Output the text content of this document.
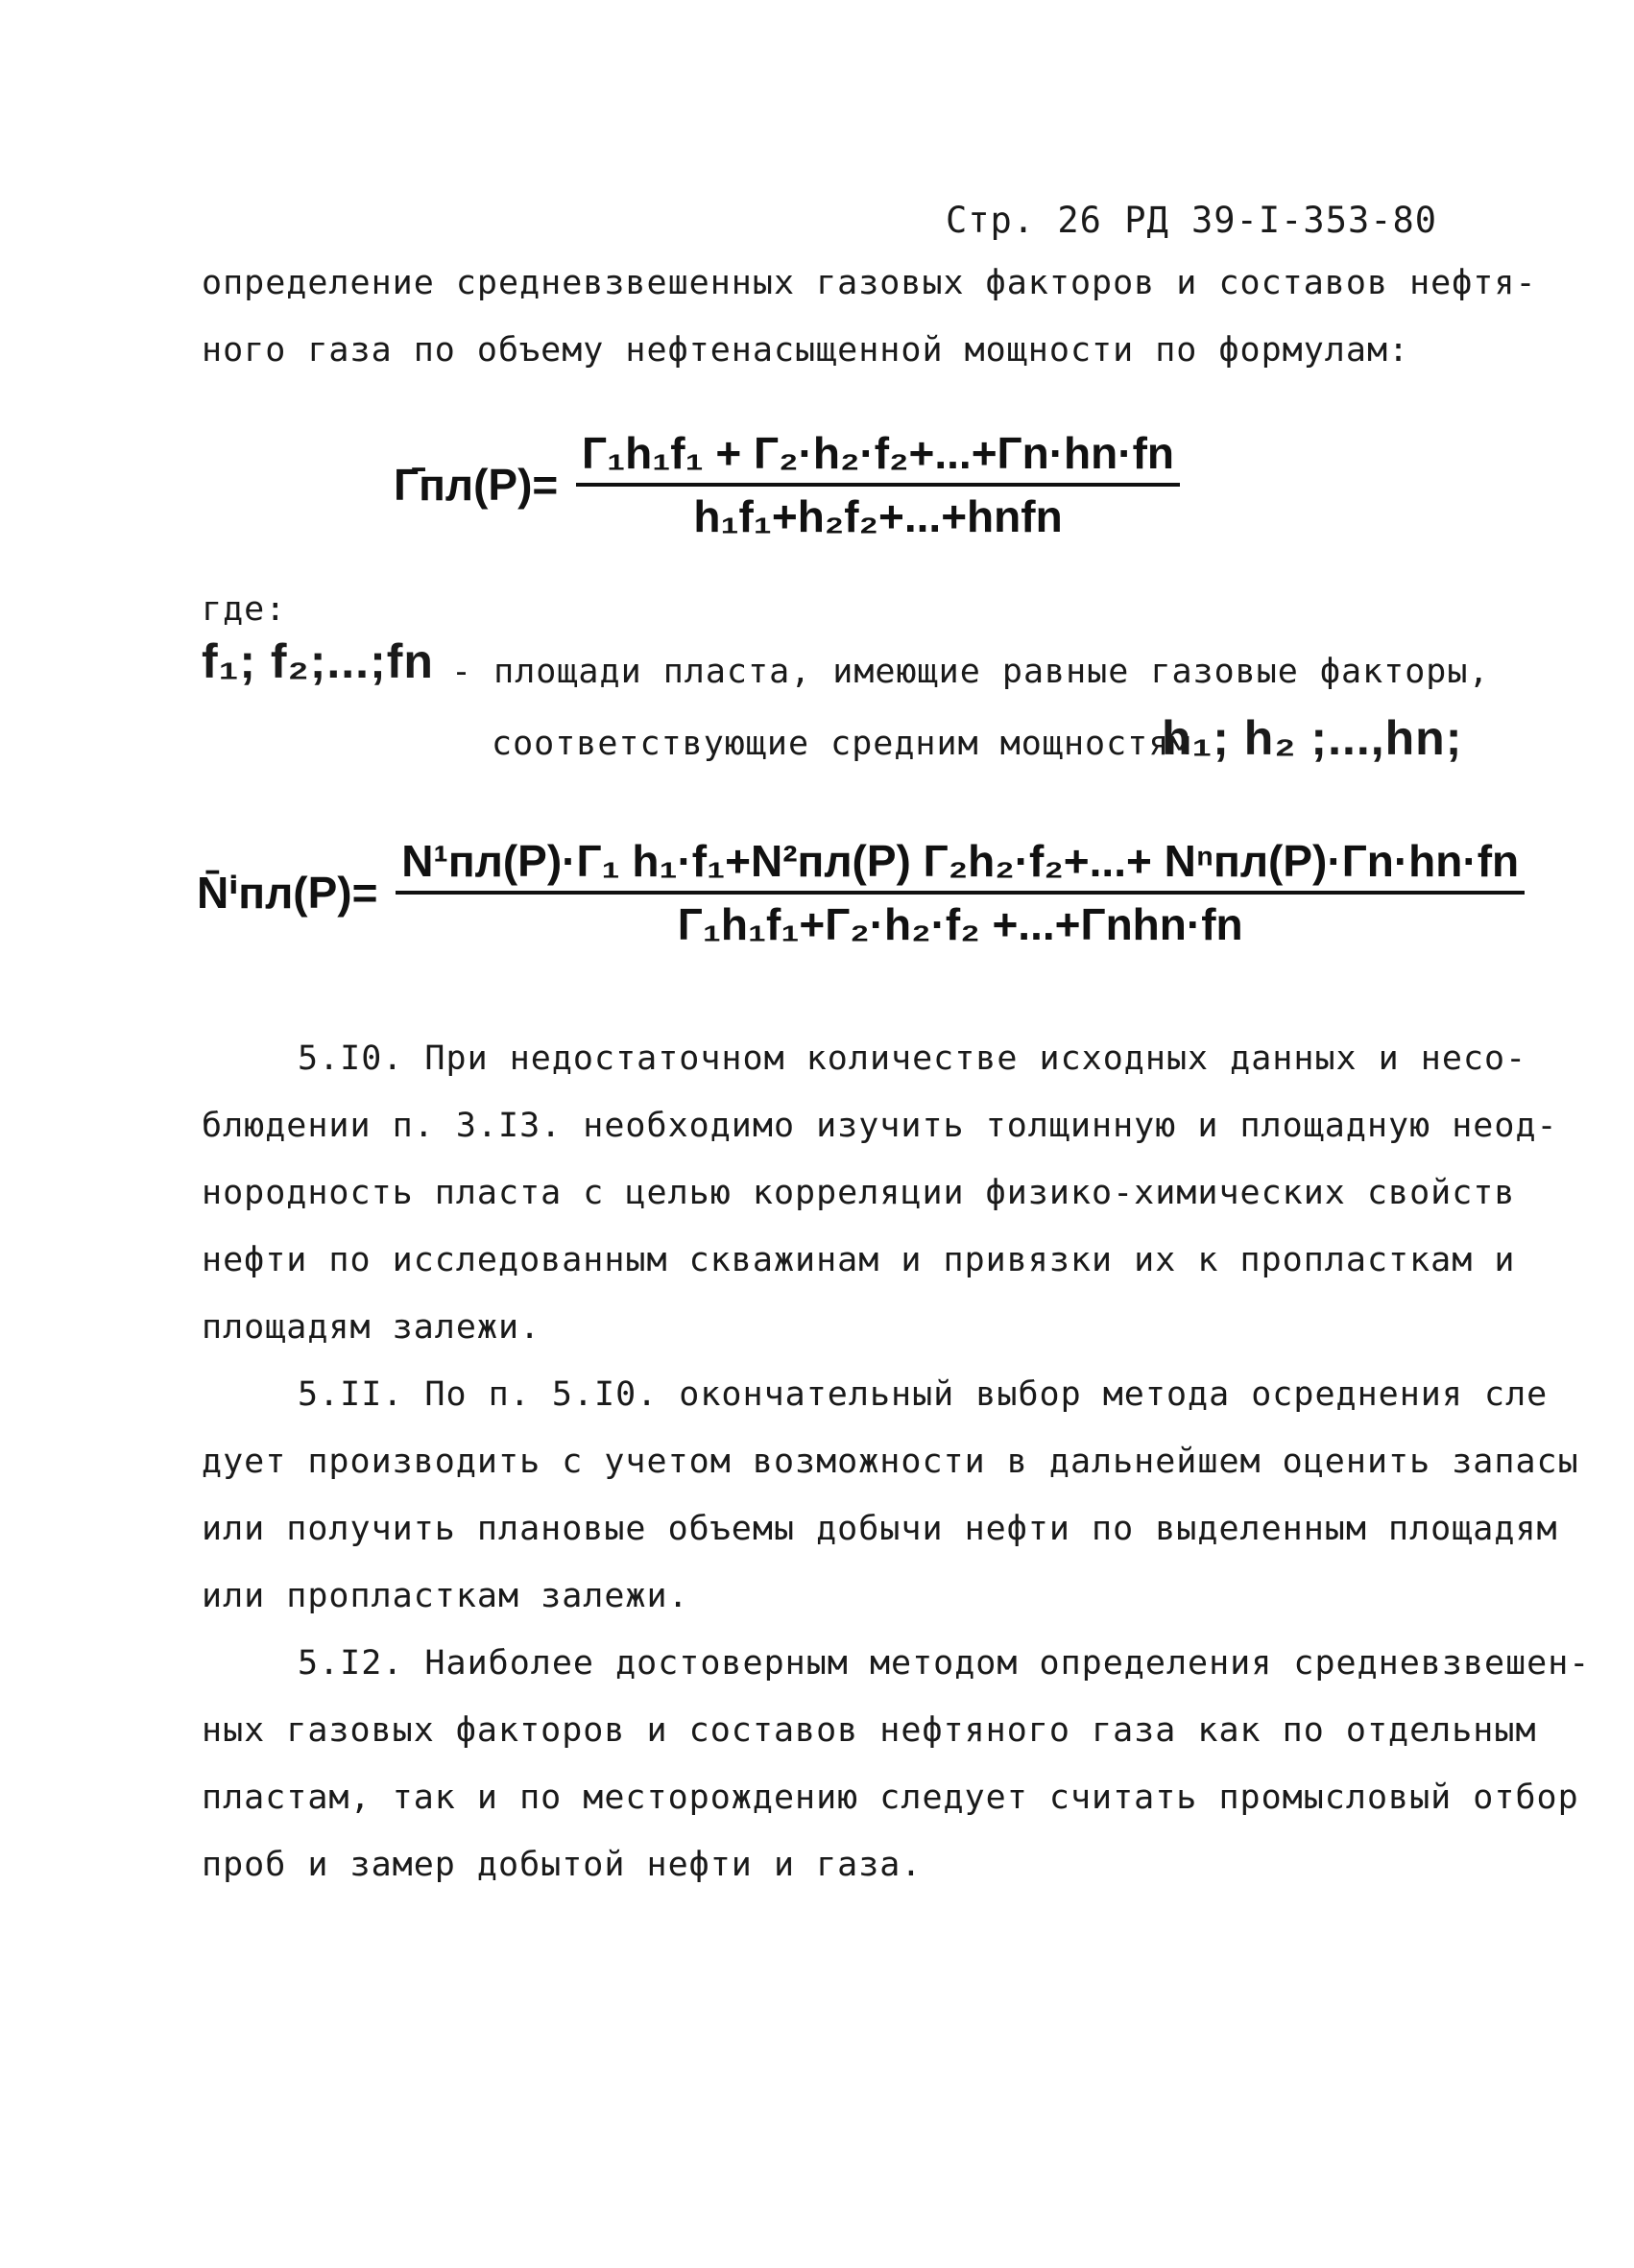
Стр. 26 РД 39-I-353-80
определение средневзвешенных газовых факторов и составов нефтя-
ного газа по объему нефтенасыщенной мощности по формулам:
Г̄пл(P)= $\frac{\text{Г₁h₁f₁ + Г₂·h₂·f₂+...+Гn·hn·fn}}{\text{h₁f₁+h₂f₂+...+hnfn}}$
где:
f₁; f₂;...;fn - площади пласта, имеющие равные газовые факторы,
соответствующие средним мощностям
h₁; h₂ ;...,hn;
N̄ⁱпл(P)= $\frac{\text{N¹пл(P)·Г₁ h₁·f₁+N²пл(P) Г₂h₂·f₂+...+ Nⁿпл(P)·Гn·hn·fn}}{\text{Г₁h₁f₁+Г₂·h₂·f₂ +...+Гnhn·fn}}$
5.I0. При недостаточном количестве исходных данных и несо-
блюдении п. 3.I3. необходимо изучить толщинную и площадную неод-
нородность пласта с целью корреляции физико-химических свойств
нефти по исследованным скважинам и привязки их к пропласткам и
площадям залежи.
5.II. По п. 5.I0. окончательный выбор метода осреднения сле
дует производить с учетом возможности в дальнейшем оценить запасы
или получить плановые объемы добычи нефти по выделенным площадям
или пропласткам залежи.
5.I2. Наиболее достоверным методом определения средневзвешен-
ных газовых факторов и составов нефтяного газа как по отдельным
пластам, так и по месторождению следует считать промысловый отбор
проб и замер добытой нефти и газа.
